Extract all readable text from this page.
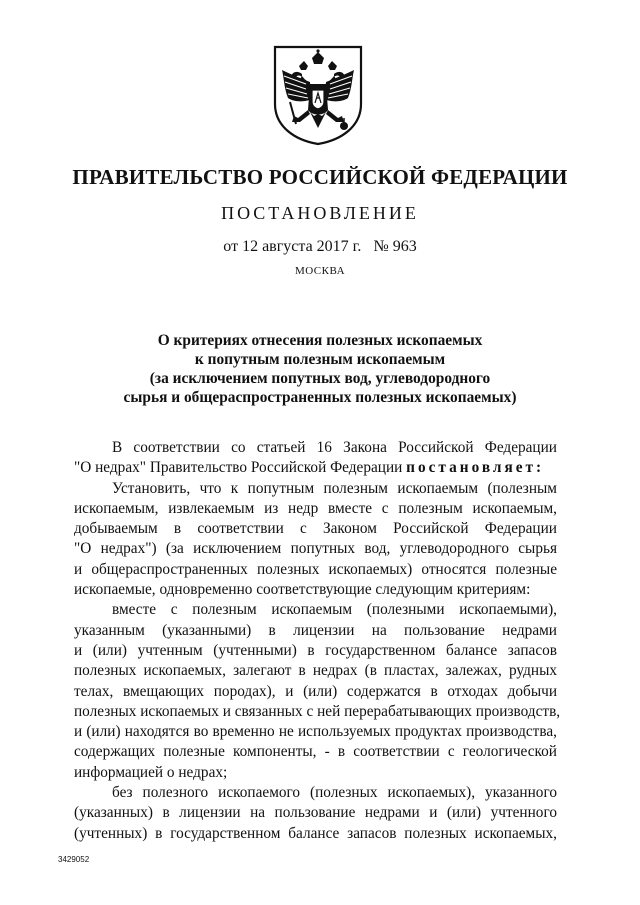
ПРАВИТЕЛЬСТВО РОССИЙСКОЙ ФЕДЕРАЦИИ
ПОСТАНОВЛЕНИЕ
от 12 августа 2017 г. № 963
МОСКВА
О критериях отнесения полезных ископаемых
к попутным полезным ископаемым
(за исключением попутных вод, углеводородного
сырья и общераспространенных полезных ископаемых)

В соответствии со статьей 16 Закона Российской Федерации
"О недрах" Правительство Российской Федерации постановляет:

Установить, что к попутным полезным ископаемым (полезным
ископаемым, извлекаемым из недр вместе с полезным ископаемым,
добываемым в соответствии с Законом Российской Федерации
"О недрах") (за исключением попутных вод, углеводородного сырья
и общераспространенных полезных ископаемых) относятся полезные
ископаемые, одновременно соответствующие следующим критериям:

вместе с полезным ископаемым (полезными ископаемыми),
указанным (указанными) в лицензии на пользование недрами
и (или) учтенным (учтенными) в государственном балансе запасов
полезных ископаемых, залегают в недрах (в пластах, залежах, рудных
телах, вмещающих породах), и (или) содержатся в отходах добычи
полезных ископаемых и связанных с ней перерабатывающих производств,
и (или) находятся во временно не используемых продуктах производства,
содержащих полезные компоненты, - в соответствии с геологической
информацией о недрах;

без полезного ископаемого (полезных ископаемых), указанного
(указанных) в лицензии на пользование недрами и (или) учтенного
(учтенных) в государственном балансе запасов полезных ископаемых,

3429052
